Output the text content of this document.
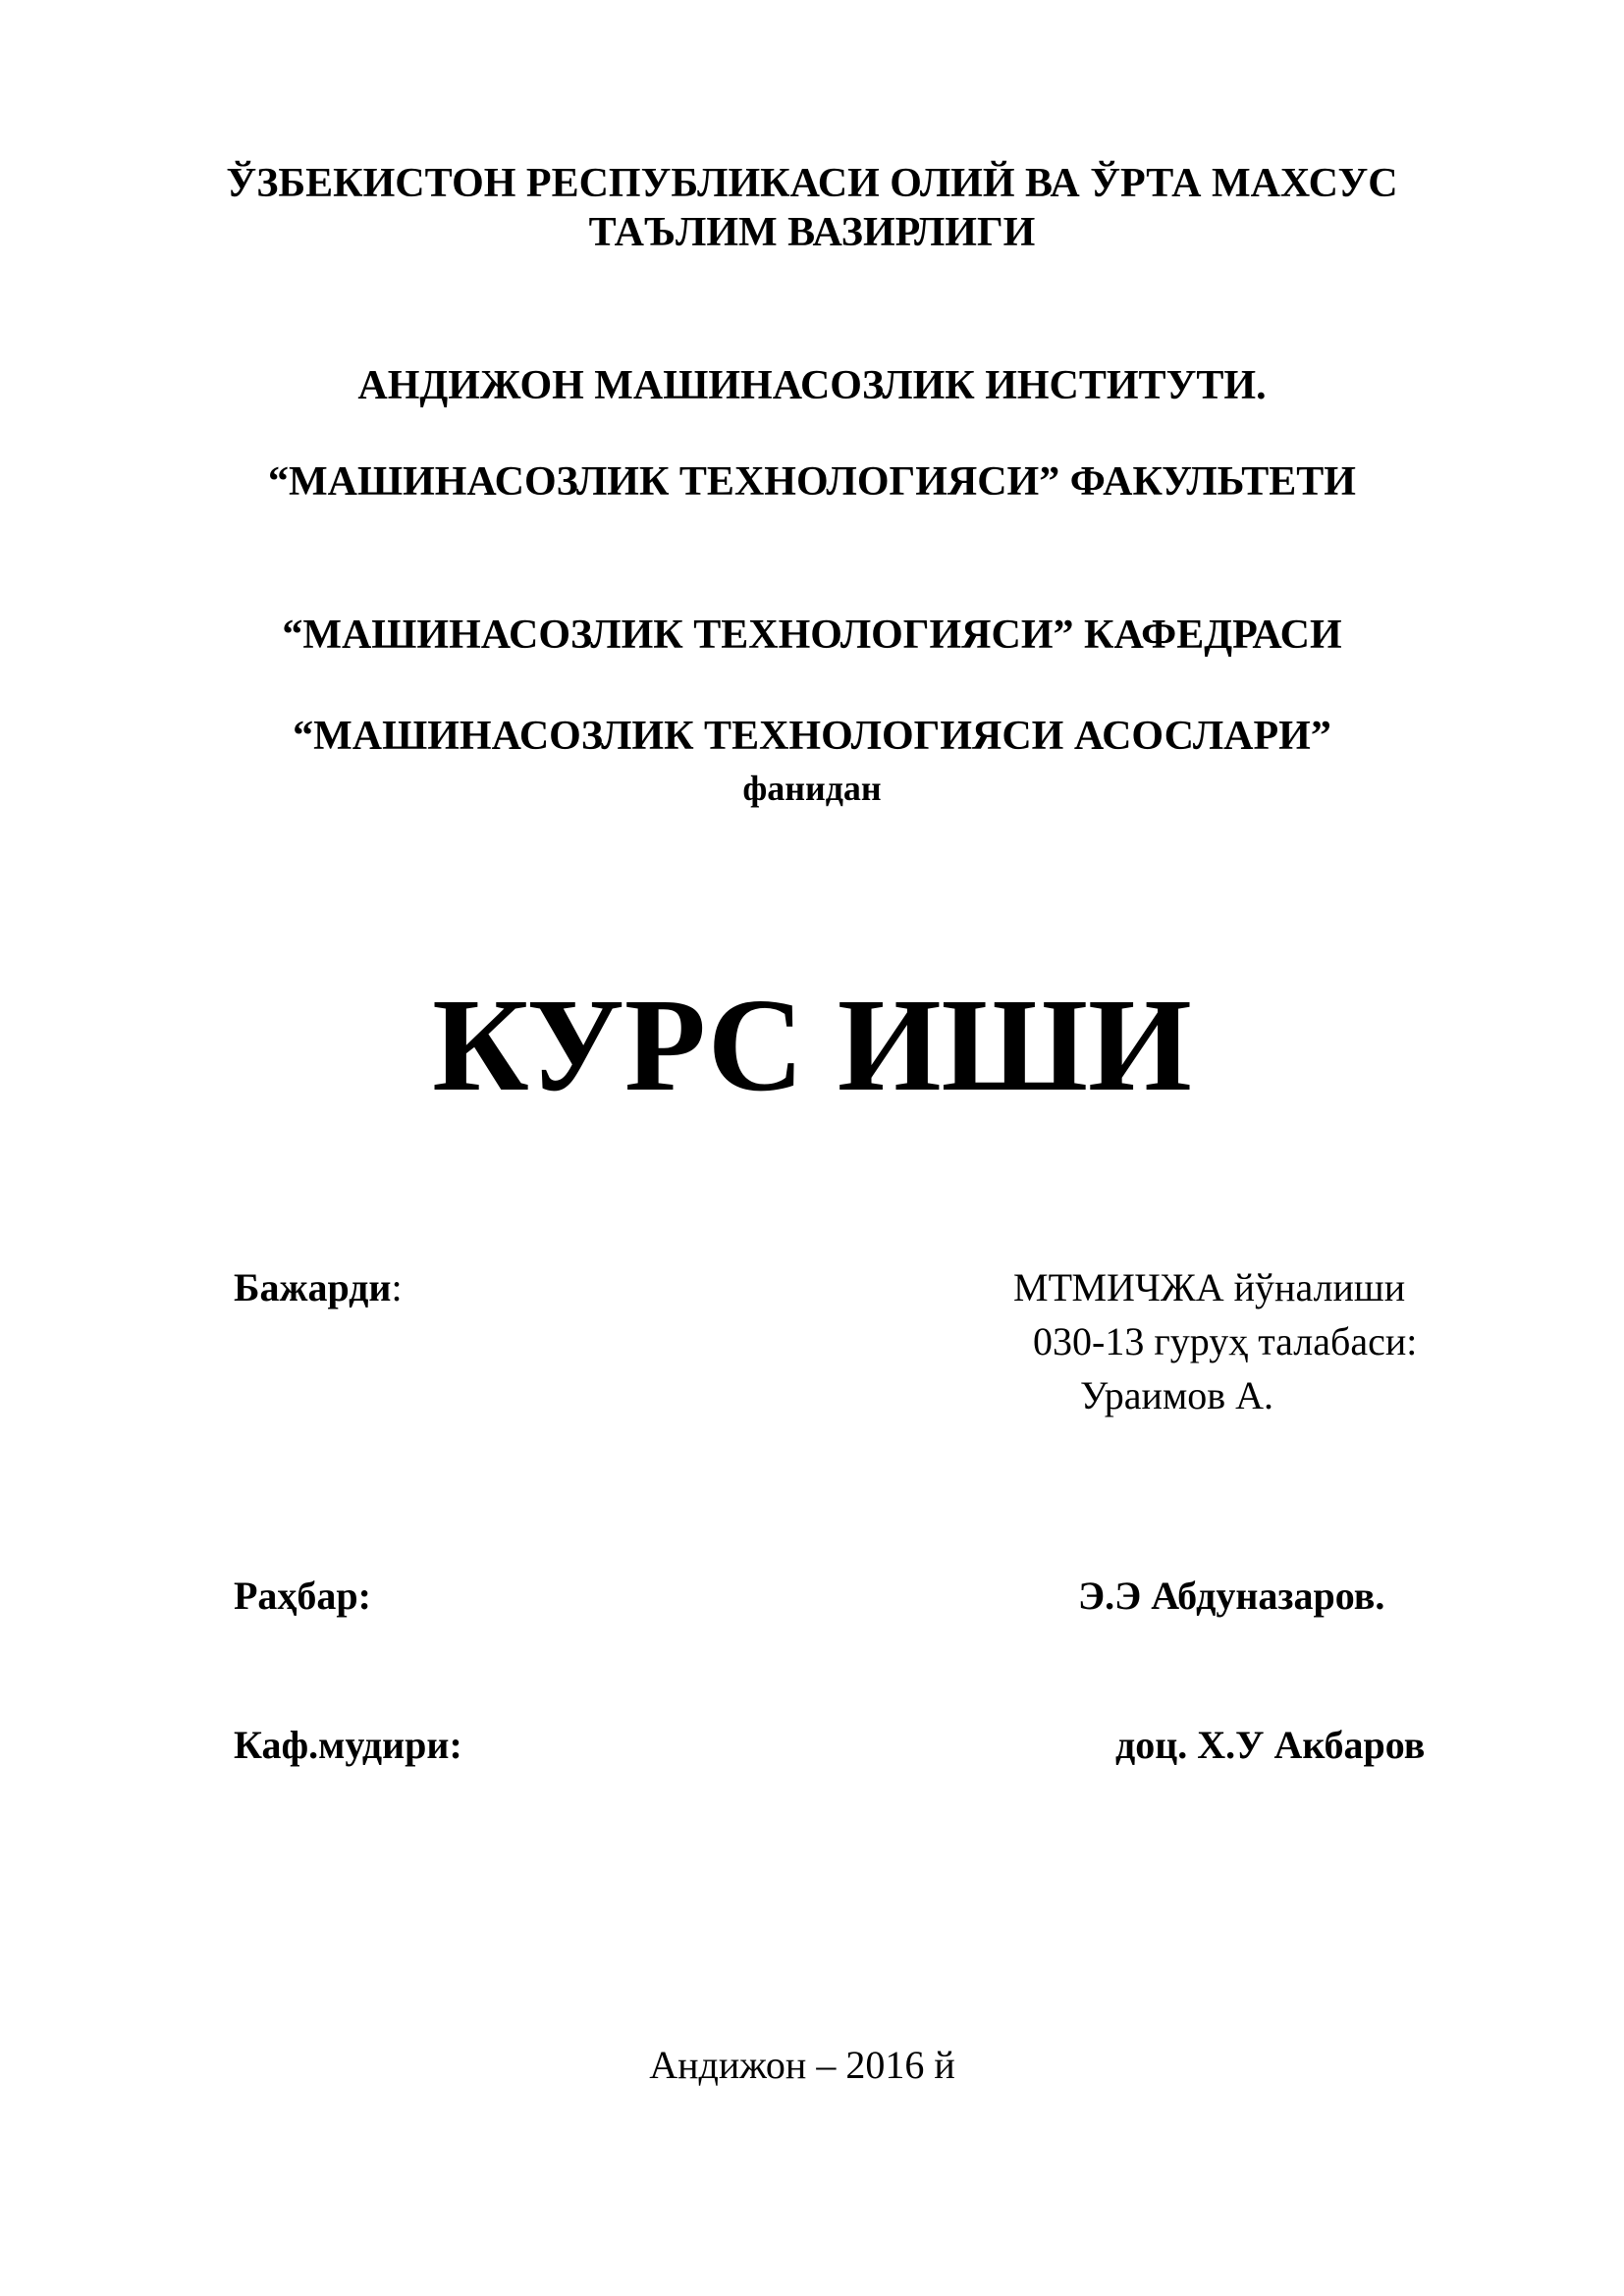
ЎЗБЕКИСТОН РЕСПУБЛИКАСИ ОЛИЙ ВА ЎРТА МАХСУС
ТАЪЛИМ ВАЗИРЛИГИ
АНДИЖОН МАШИНАСОЗЛИК ИНСТИТУТИ.
“МАШИНАСОЗЛИК ТЕХНОЛОГИЯСИ” ФАКУЛЬТЕТИ
“МАШИНАСОЗЛИК ТЕХНОЛОГИЯСИ” КАФЕДРАСИ
“МАШИНАСОЗЛИК ТЕХНОЛОГИЯСИ АСОСЛАРИ”
фанидан
КУРС ИШИ
Бажарди:	МТМИЧЖА йўналиши
030-13 гуруҳ талабаси:
Ураимов А.
Раҳбар:	Э.Э Абдуназаров.
Каф.мудири:	доц. Х.У Акбаров
Андижон – 2016 й
